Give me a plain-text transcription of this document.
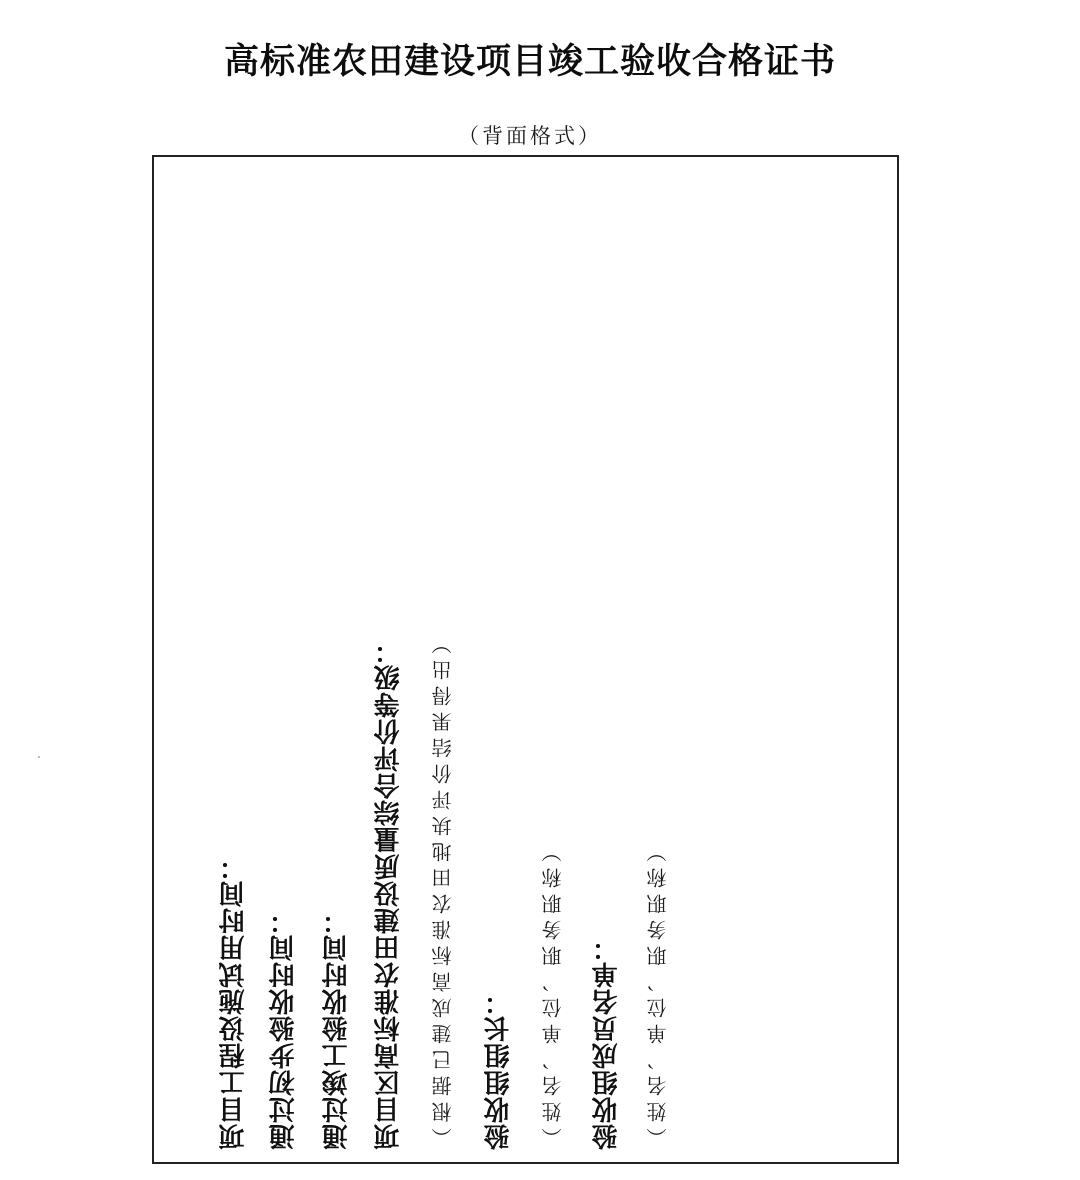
高标准农田建设项目竣工验收合格证书
（背面格式）
项目工程设施试用时间： 通过初步验收时间： 通过竣工验收时间： 项目区高标准农田建设质量综合评价等级： （根据已建成高标准农田地块评价结果得出） 验收组组长： （姓名、单位、职务职称） 验收组成员名单： （姓名、单位、职务职称）
